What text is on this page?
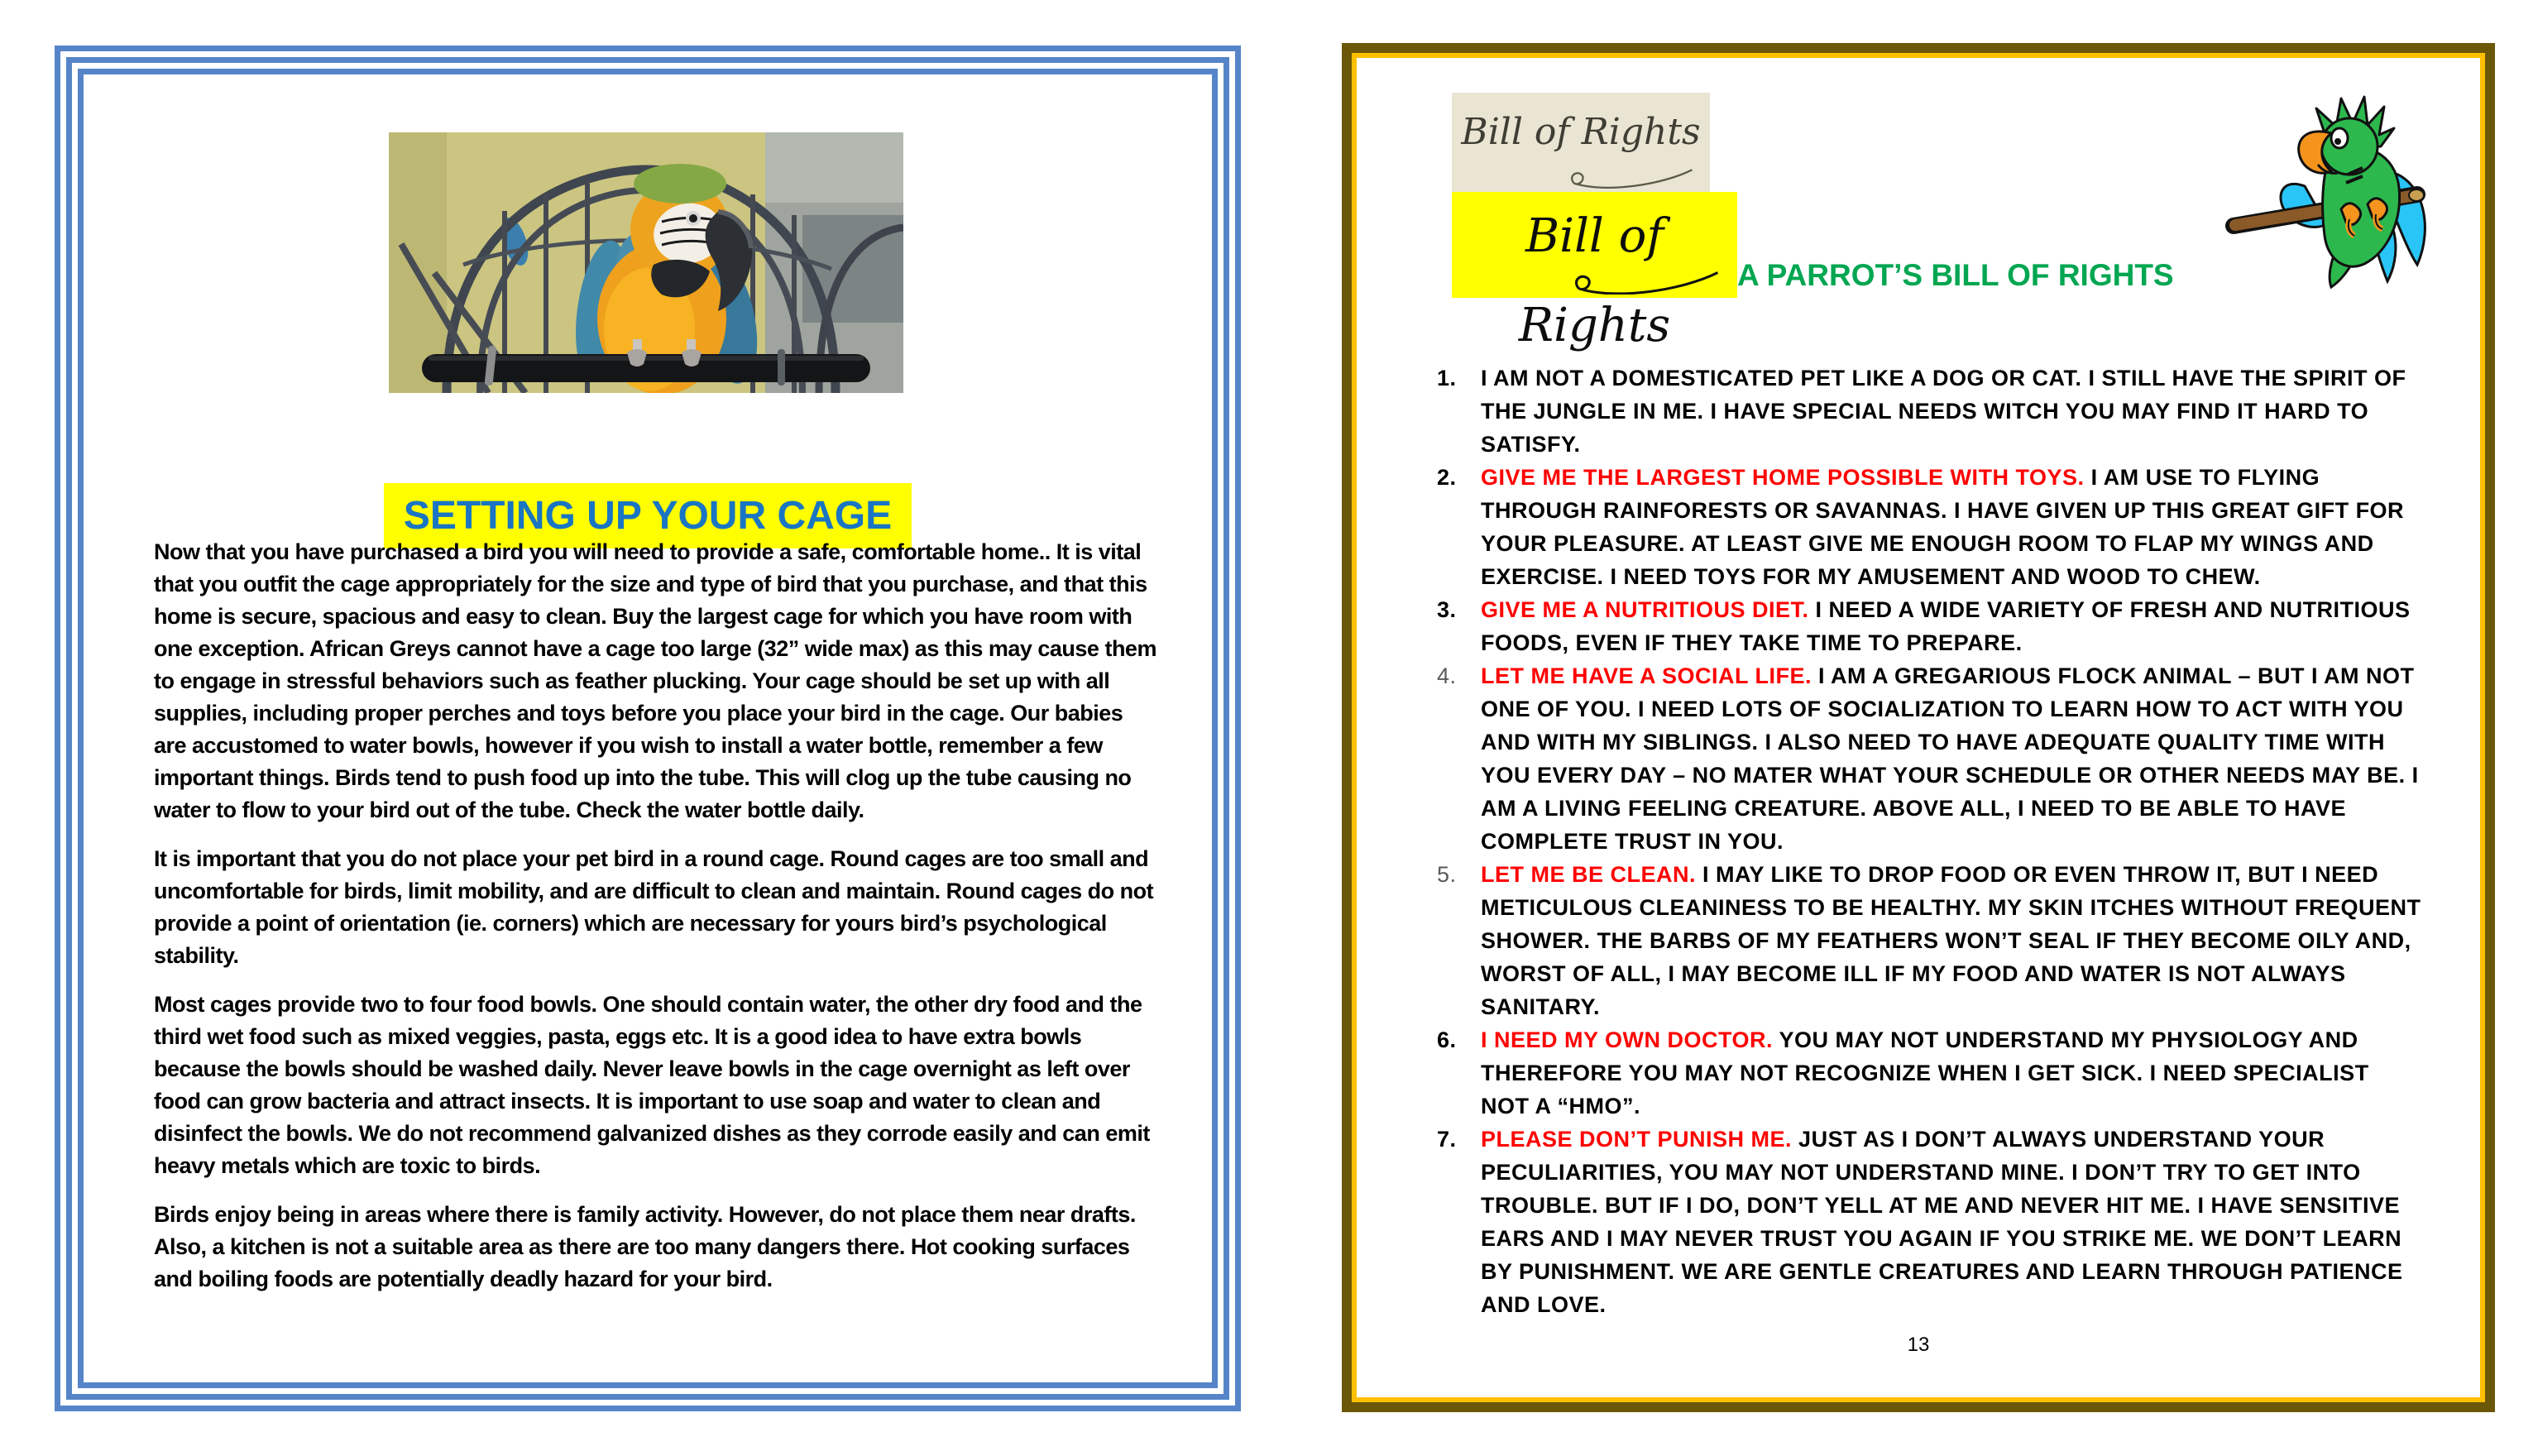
SETTING UP YOUR CAGE

Now that you have purchased a bird you will need to provide a safe, comfortable home.. It is vital that you outfit the cage appropriately for the size and type of bird that you purchase, and that this home is secure, spacious and easy to clean. Buy the largest cage for which you have room with one exception. African Greys cannot have a cage too large (32” wide max) as this may cause them to engage in stressful behaviors such as feather plucking. Your cage should be set up with all supplies, including proper perches and toys before you place your bird in the cage. Our babies are accustomed to water bowls, however if you wish to install a water bottle, remember a few important things. Birds tend to push food up into the tube. This will clog up the tube causing no water to flow to your bird out of the tube. Check the water bottle daily.

It is important that you do not place your pet bird in a round cage. Round cages are too small and uncomfortable for birds, limit mobility, and are difficult to clean and maintain. Round cages do not provide a point of orientation (ie. corners) which are necessary for yours bird’s psychological stability.

Most cages provide two to four food bowls. One should contain water, the other dry food and the third wet food such as mixed veggies, pasta, eggs etc. It is a good idea to have extra bowls because the bowls should be washed daily. Never leave bowls in the cage overnight as left over food can grow bacteria and attract insects. It is important to use soap and water to clean and disinfect the bowls. We do not recommend galvanized dishes as they corrode easily and can emit heavy metals which are toxic to birds.

Birds enjoy being in areas where there is family activity. However, do not place them near drafts. Also, a kitchen is not a suitable area as there are too many dangers there. Hot cooking surfaces and boiling foods are potentially deadly hazard for your bird.

Bill of Rights
Bill of Rights
A PARROT’S BILL OF RIGHTS
1.	I AM NOT A DOMESTICATED PET LIKE A DOG OR CAT. I STILL HAVE THE SPIRIT OF THE JUNGLE IN ME. I HAVE SPECIAL NEEDS WITCH YOU MAY FIND IT HARD TO SATISFY.
2.	GIVE ME THE LARGEST HOME POSSIBLE WITH TOYS. I AM USE TO FLYING THROUGH RAINFORESTS OR SAVANNAS. I HAVE GIVEN UP THIS GREAT GIFT FOR YOUR PLEASURE. AT LEAST GIVE ME ENOUGH ROOM TO FLAP MY WINGS AND EXERCISE. I NEED TOYS FOR MY AMUSEMENT AND WOOD TO CHEW.
3.	GIVE ME A NUTRITIOUS DIET. I NEED A WIDE VARIETY OF FRESH AND NUTRITIOUS FOODS, EVEN IF THEY TAKE TIME TO PREPARE.
4.	LET ME HAVE A SOCIAL LIFE. I AM A GREGARIOUS FLOCK ANIMAL – BUT I AM NOT ONE OF YOU. I NEED LOTS OF SOCIALIZATION TO LEARN HOW TO ACT WITH YOU AND WITH MY SIBLINGS. I ALSO NEED TO HAVE ADEQUATE QUALITY TIME WITH YOU EVERY DAY – NO MATER WHAT YOUR SCHEDULE OR OTHER NEEDS MAY BE. I AM A LIVING FEELING CREATURE. ABOVE ALL, I NEED TO BE ABLE TO HAVE COMPLETE TRUST IN YOU.
5.	LET ME BE CLEAN. I MAY LIKE TO DROP FOOD OR EVEN THROW IT, BUT I NEED METICULOUS CLEANINESS TO BE HEALTHY. MY SKIN ITCHES WITHOUT FREQUENT SHOWER. THE BARBS OF MY FEATHERS WON’T SEAL IF THEY BECOME OILY AND, WORST OF ALL, I MAY BECOME ILL IF MY FOOD AND WATER IS NOT ALWAYS SANITARY.
6.	I NEED MY OWN DOCTOR. YOU MAY NOT UNDERSTAND MY PHYSIOLOGY AND THEREFORE YOU MAY NOT RECOGNIZE WHEN I GET SICK. I NEED SPECIALIST NOT A “HMO”.
7.	PLEASE DON’T PUNISH ME. JUST AS I DON’T ALWAYS UNDERSTAND YOUR PECULIARITIES, YOU MAY NOT UNDERSTAND MINE. I DON’T TRY TO GET INTO TROUBLE. BUT IF I DO, DON’T YELL AT ME AND NEVER HIT ME. I HAVE SENSITIVE EARS AND I MAY NEVER TRUST YOU AGAIN IF YOU STRIKE ME. WE DON’T LEARN BY PUNISHMENT. WE ARE GENTLE CREATURES AND LEARN THROUGH PATIENCE AND LOVE.
13
